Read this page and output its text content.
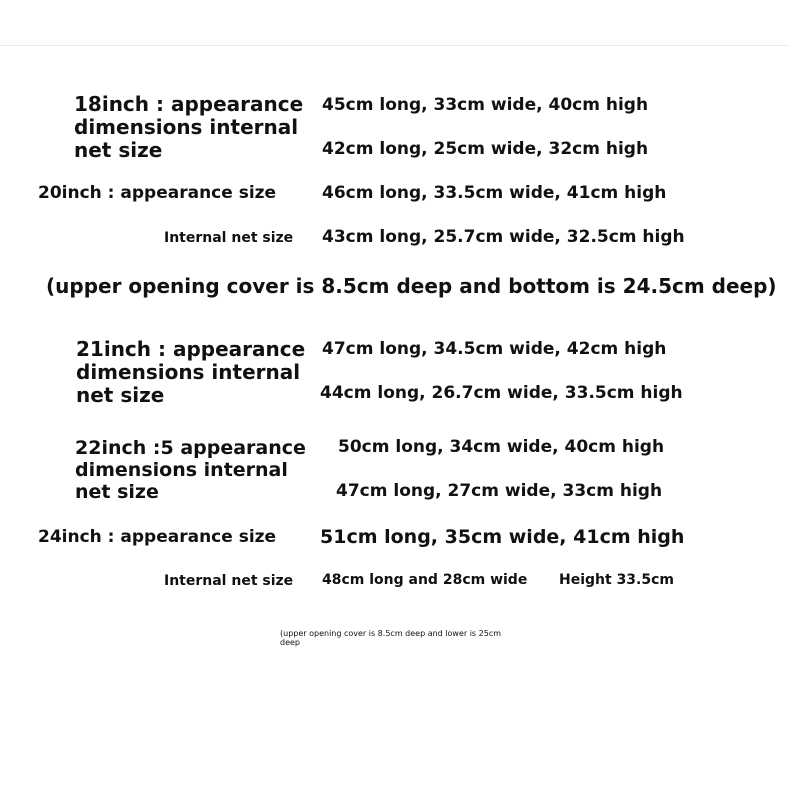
18inch : appearance
dimensions internal
net size
45cm long, 33cm wide, 40cm high
42cm long, 25cm wide, 32cm high
20inch : appearance size	46cm long, 33.5cm wide, 41cm high
Internal net size 43cm long, 25.7cm wide, 32.5cm high
(upper opening cover is 8.5cm deep and bottom is 24.5cm deep)
21inch : appearance
dimensions internal
net size
47cm long, 34.5cm wide, 42cm high
44cm long, 26.7cm wide, 33.5cm high
22inch :5 appearance
dimensions internal
net size
50cm long, 34cm wide, 40cm high
47cm long, 27cm wide, 33cm high
24inch : appearance size 51cm long, 35cm wide, 41cm high
Internal net size 48cm long and 28cm wide Height 33.5cm
(upper opening cover is 8.5cm deep and lower is 25cm deep
